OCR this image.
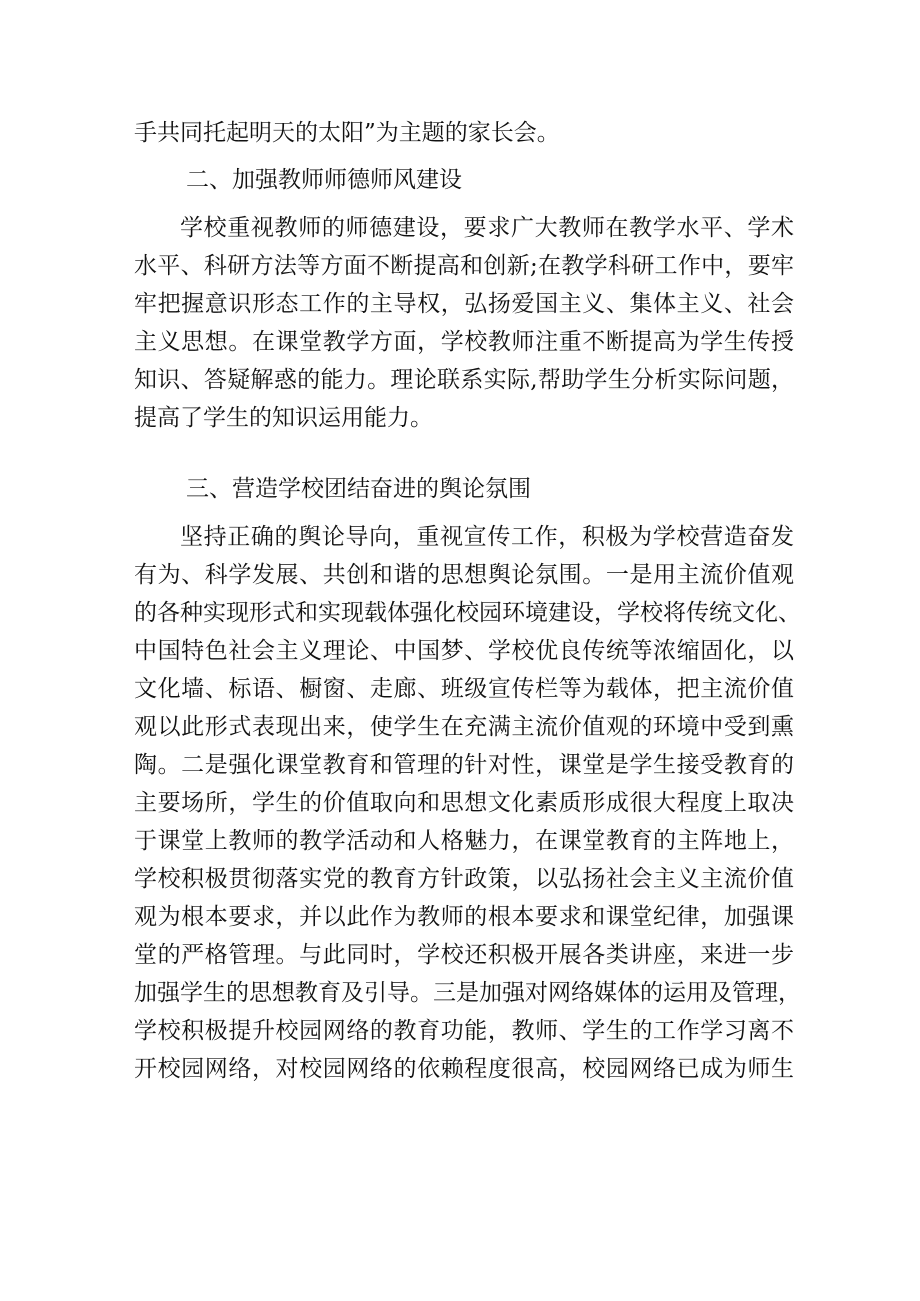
手共同托起明天的太阳”为主题的家长会。
二、加强教师师德师风建设
学校重视教师的师德建设，要求广大教师在教学水平、学术
水平、科研方法等方面不断提高和创新;在教学科研工作中，要牢
牢把握意识形态工作的主导权，弘扬爱国主义、集体主义、社会
主义思想。在课堂教学方面，学校教师注重不断提高为学生传授
知识、答疑解惑的能力。理论联系实际,帮助学生分析实际问题，
提高了学生的知识运用能力。
三、营造学校团结奋进的舆论氛围
坚持正确的舆论导向，重视宣传工作，积极为学校营造奋发
有为、科学发展、共创和谐的思想舆论氛围。一是用主流价值观
的各种实现形式和实现载体强化校园环境建设，学校将传统文化、
中国特色社会主义理论、中国梦、学校优良传统等浓缩固化，以
文化墙、标语、橱窗、走廊、班级宣传栏等为载体，把主流价值
观以此形式表现出来，使学生在充满主流价值观的环境中受到熏
陶。二是强化课堂教育和管理的针对性，课堂是学生接受教育的
主要场所，学生的价值取向和思想文化素质形成很大程度上取决
于课堂上教师的教学活动和人格魅力，在课堂教育的主阵地上，
学校积极贯彻落实党的教育方针政策，以弘扬社会主义主流价值
观为根本要求，并以此作为教师的根本要求和课堂纪律，加强课
堂的严格管理。与此同时，学校还积极开展各类讲座，来进一步
加强学生的思想教育及引导。三是加强对网络媒体的运用及管理，
学校积极提升校园网络的教育功能，教师、学生的工作学习离不
开校园网络，对校园网络的依赖程度很高，校园网络已成为师生
